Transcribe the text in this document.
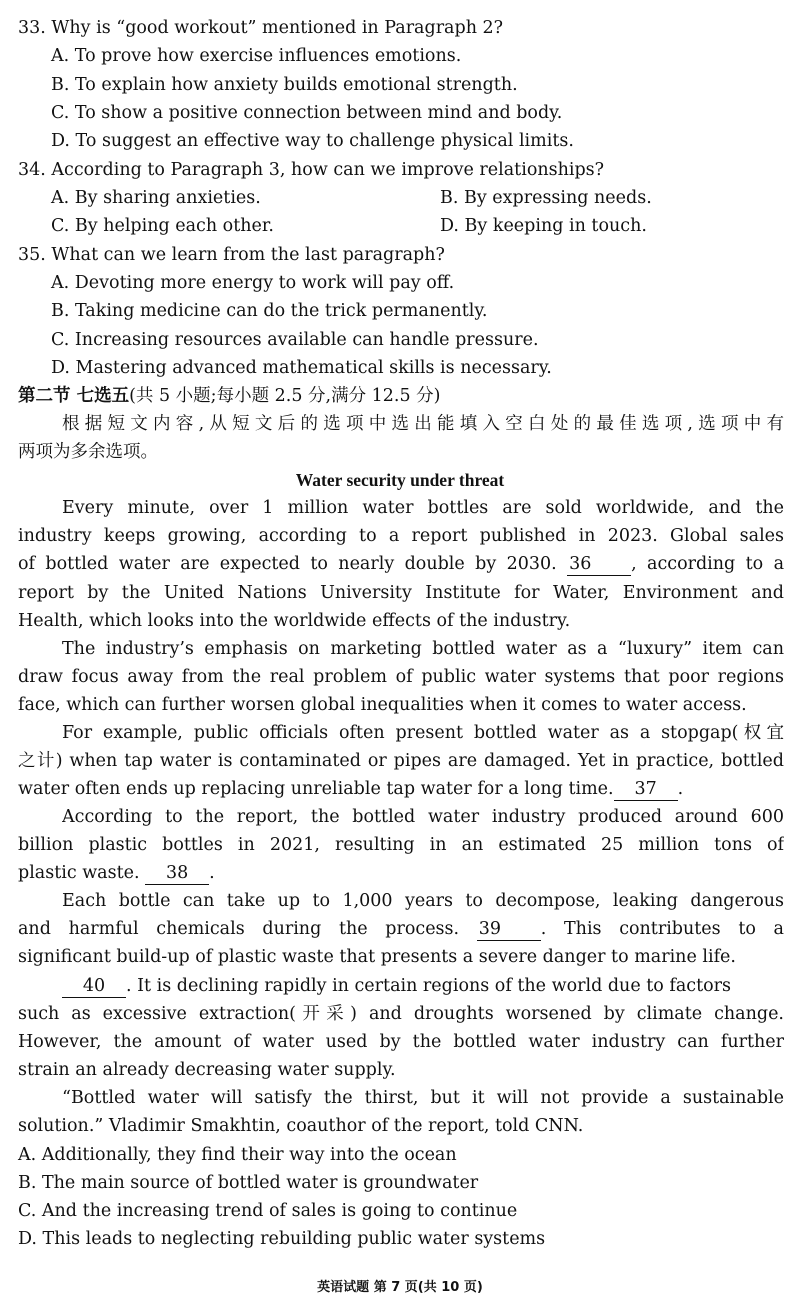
33. Why is “good workout” mentioned in Paragraph 2?
A. To prove how exercise influences emotions.
B. To explain how anxiety builds emotional strength.
C. To show a positive connection between mind and body.
D. To suggest an effective way to challenge physical limits.
34. According to Paragraph 3, how can we improve relationships?
A. By sharing anxieties.	B. By expressing needs.
C. By helping each other.	D. By keeping in touch.
35. What can we learn from the last paragraph?
A. Devoting more energy to work will pay off.
B. Taking medicine can do the trick permanently.
C. Increasing resources available can handle pressure.
D. Mastering advanced mathematical skills is necessary.
第二节 七选五(共 5 小题;每小题 2.5 分,满分 12.5 分)
根据短文内容,从短文后的选项中选出能填入空白处的最佳选项,选项中有
两项为多余选项。
Water security under threat
Every minute, over 1 million water bottles are sold worldwide, and the
industry keeps growing, according to a report published in 2023. Global sales
of bottled water are expected to nearly double by 2030. 36 , according to a
report by the United Nations University Institute for Water, Environment and
Health, which looks into the worldwide effects of the industry.
The industry’s emphasis on marketing bottled water as a “luxury” item can
draw focus away from the real problem of public water systems that poor regions
face, which can further worsen global inequalities when it comes to water access.
For example, public officials often present bottled water as a stopgap(权宜
之计) when tap water is contaminated or pipes are damaged. Yet in practice, bottled
water often ends up replacing unreliable tap water for a long time. 37 .
According to the report, the bottled water industry produced around 600
billion plastic bottles in 2021, resulting in an estimated 25 million tons of
plastic waste. 38 .
Each bottle can take up to 1,000 years to decompose, leaking dangerous
and harmful chemicals during the process. 39 . This contributes to a
significant build-up of plastic waste that presents a severe danger to marine life.
40 . It is declining rapidly in certain regions of the world due to factors
such as excessive extraction(开采) and droughts worsened by climate change.
However, the amount of water used by the bottled water industry can further
strain an already decreasing water supply.
“Bottled water will satisfy the thirst, but it will not provide a sustainable
solution.” Vladimir Smakhtin, coauthor of the report, told CNN.
A. Additionally, they find their way into the ocean
B. The main source of bottled water is groundwater
C. And the increasing trend of sales is going to continue
D. This leads to neglecting rebuilding public water systems
英语试题 第 7 页(共 10 页)
